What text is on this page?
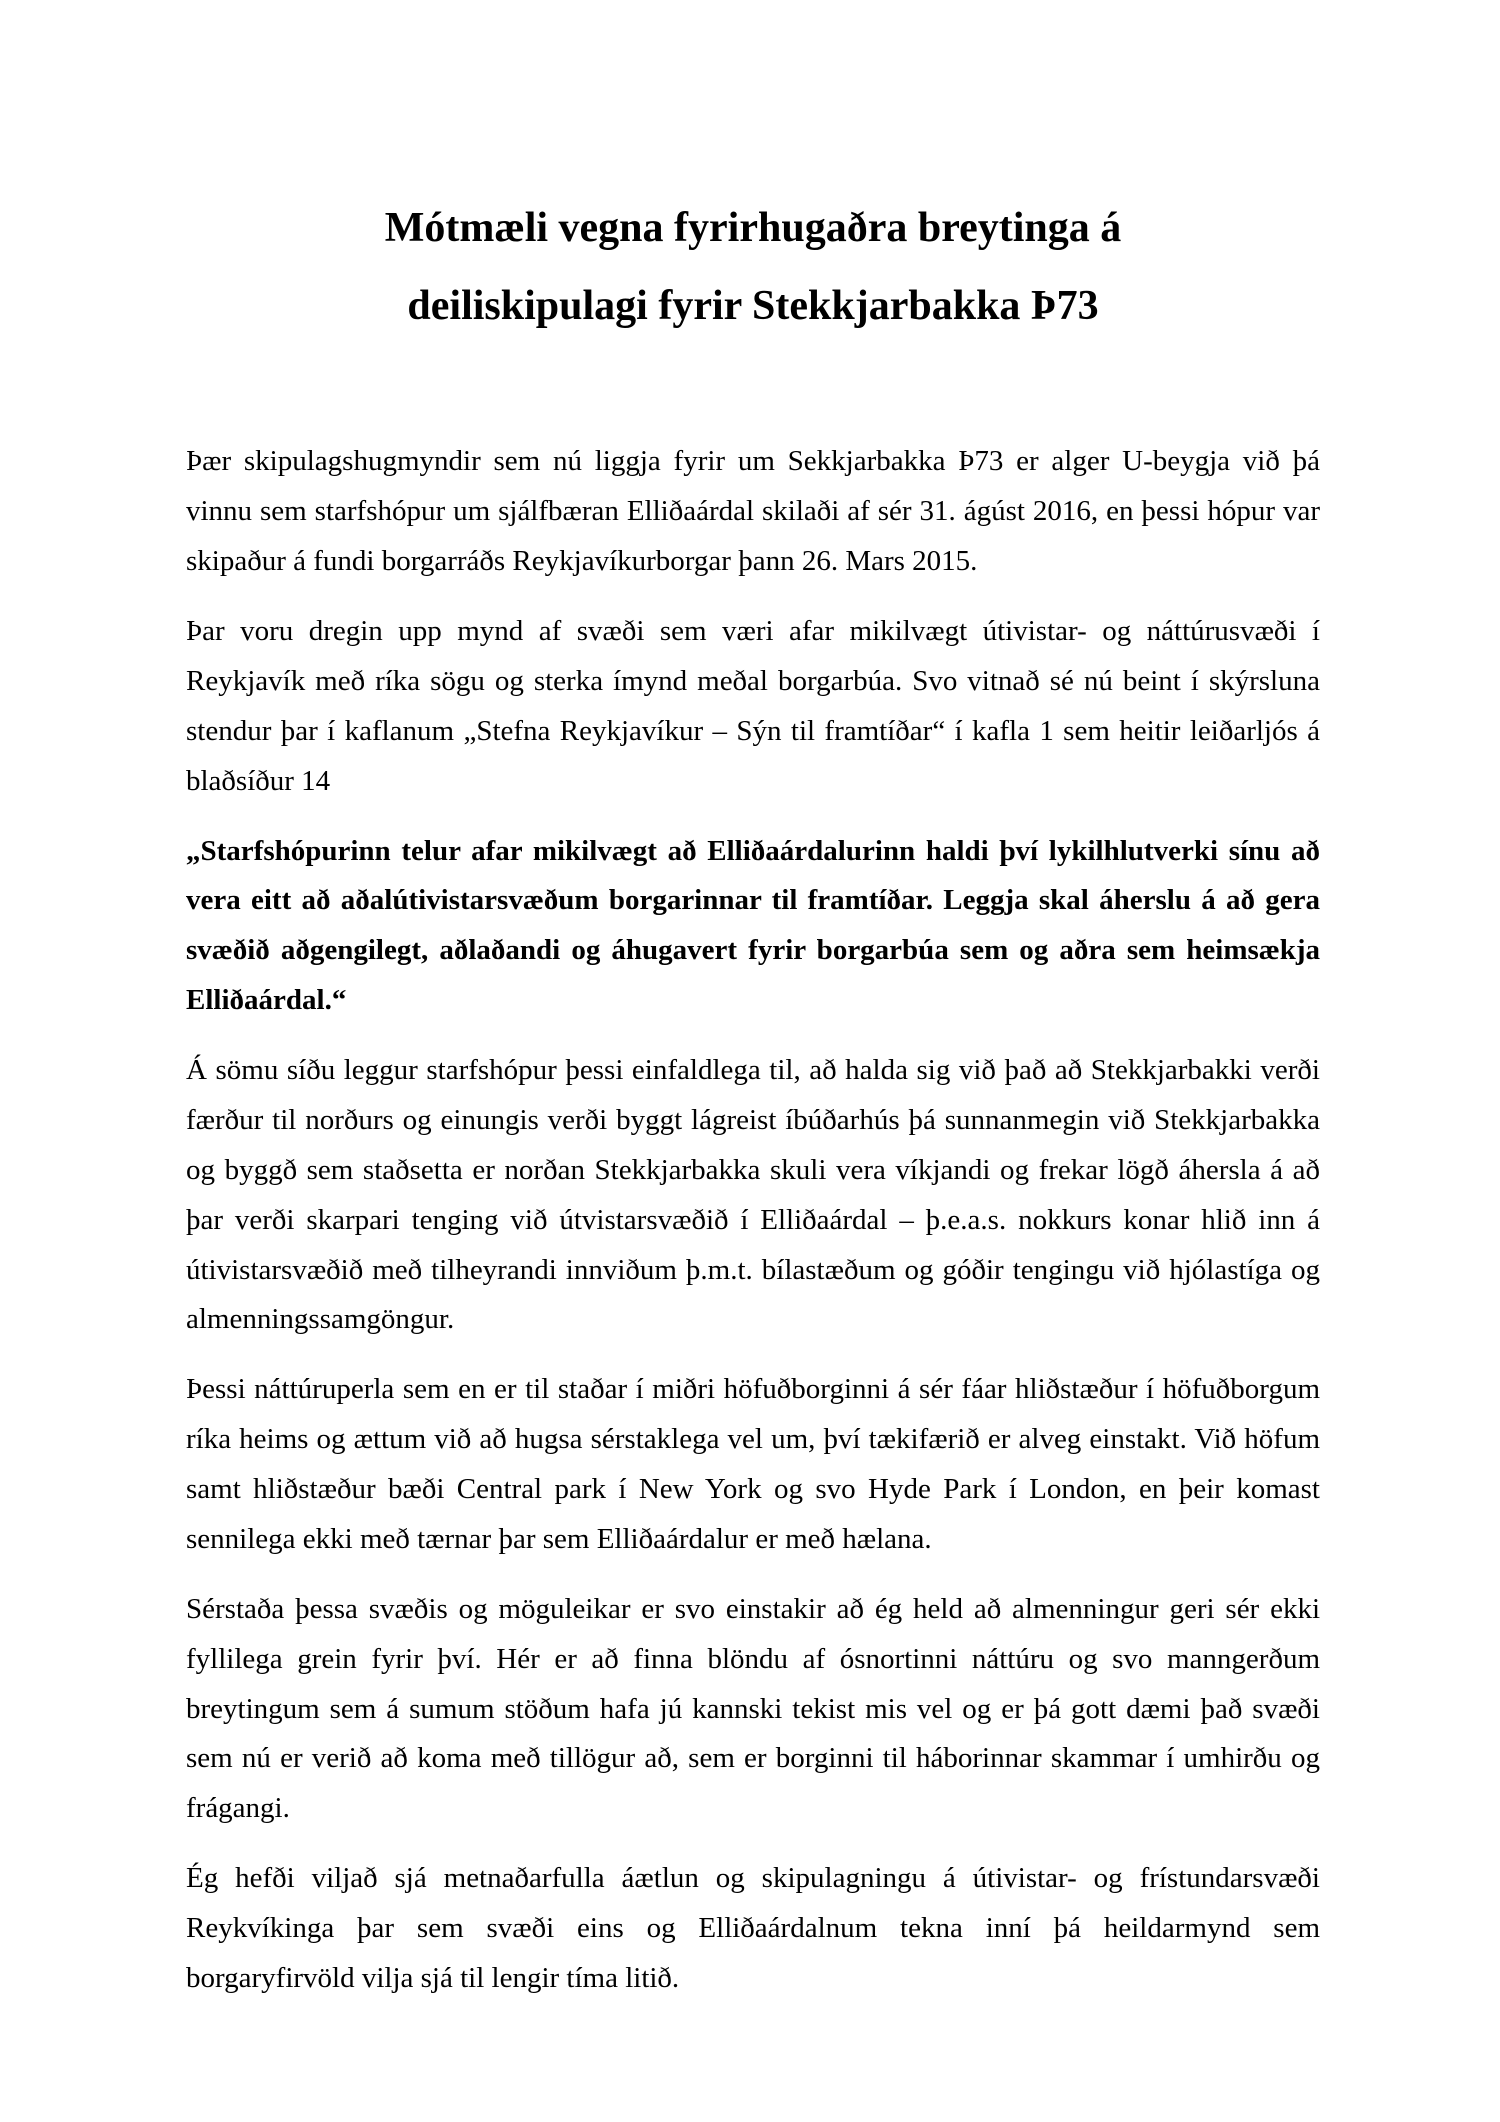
Mótmæli vegna fyrirhugaðra breytinga á
deiliskipulagi fyrir Stekkjarbakka Þ73

Þær skipulagshugmyndir sem nú liggja fyrir um Sekkjarbakka Þ73 er alger U-beygja við þá vinnu sem starfshópur um sjálfbæran Elliðaárdal skilaði af sér 31. ágúst 2016, en þessi hópur var skipaður á fundi borgarráðs Reykjavíkurborgar þann 26. Mars 2015.

Þar voru dregin upp mynd af svæði sem væri afar mikilvægt útivistar- og náttúrusvæði í Reykjavík með ríka sögu og sterka ímynd meðal borgarbúa. Svo vitnað sé nú beint í skýrsluna stendur þar í kaflanum „Stefna Reykjavíkur – Sýn til framtíðar“ í kafla 1 sem heitir leiðarljós á blaðsíður 14

„Starfshópurinn telur afar mikilvægt að Elliðaárdalurinn haldi því lykilhlutverki sínu að vera eitt að aðalútivistarsvæðum borgarinnar til framtíðar. Leggja skal áherslu á að gera svæðið aðgengilegt, aðlaðandi og áhugavert fyrir borgarbúa sem og aðra sem heimsækja Elliðaárdal.“

Á sömu síðu leggur starfshópur þessi einfaldlega til, að halda sig við það að Stekkjarbakki verði færður til norðurs og einungis verði byggt lágreist íbúðarhús þá sunnanmegin við Stekkjarbakka og byggð sem staðsetta er norðan Stekkjarbakka skuli vera víkjandi og frekar lögð áhersla á að þar verði skarpari tenging við útvistarsvæðið í Elliðaárdal – þ.e.a.s. nokkurs konar hlið inn á útivistarsvæðið með tilheyrandi innviðum þ.m.t. bílastæðum og góðir tengingu við hjólastíga og almenningssamgöngur.

Þessi náttúruperla sem en er til staðar í miðri höfuðborginni á sér fáar hliðstæður í höfuðborgum ríka heims og ættum við að hugsa sérstaklega vel um, því tækifærið er alveg einstakt. Við höfum samt hliðstæður bæði Central park í New York og svo Hyde Park í London, en þeir komast sennilega ekki með tærnar þar sem Elliðaárdalur er með hælana.

Sérstaða þessa svæðis og möguleikar er svo einstakir að ég held að almenningur geri sér ekki fyllilega grein fyrir því. Hér er að finna blöndu af ósnortinni náttúru og svo manngerðum breytingum sem á sumum stöðum hafa jú kannski tekist mis vel og er þá gott dæmi það svæði sem nú er verið að koma með tillögur að, sem er borginni til háborinnar skammar í umhirðu og frágangi.

Ég hefði viljað sjá metnaðarfulla áætlun og skipulagningu á útivistar- og frístundarsvæði Reykvíkinga þar sem svæði eins og Elliðaárdalnum tekna inní þá heildarmynd sem borgaryfirvöld vilja sjá til lengir tíma litið.
